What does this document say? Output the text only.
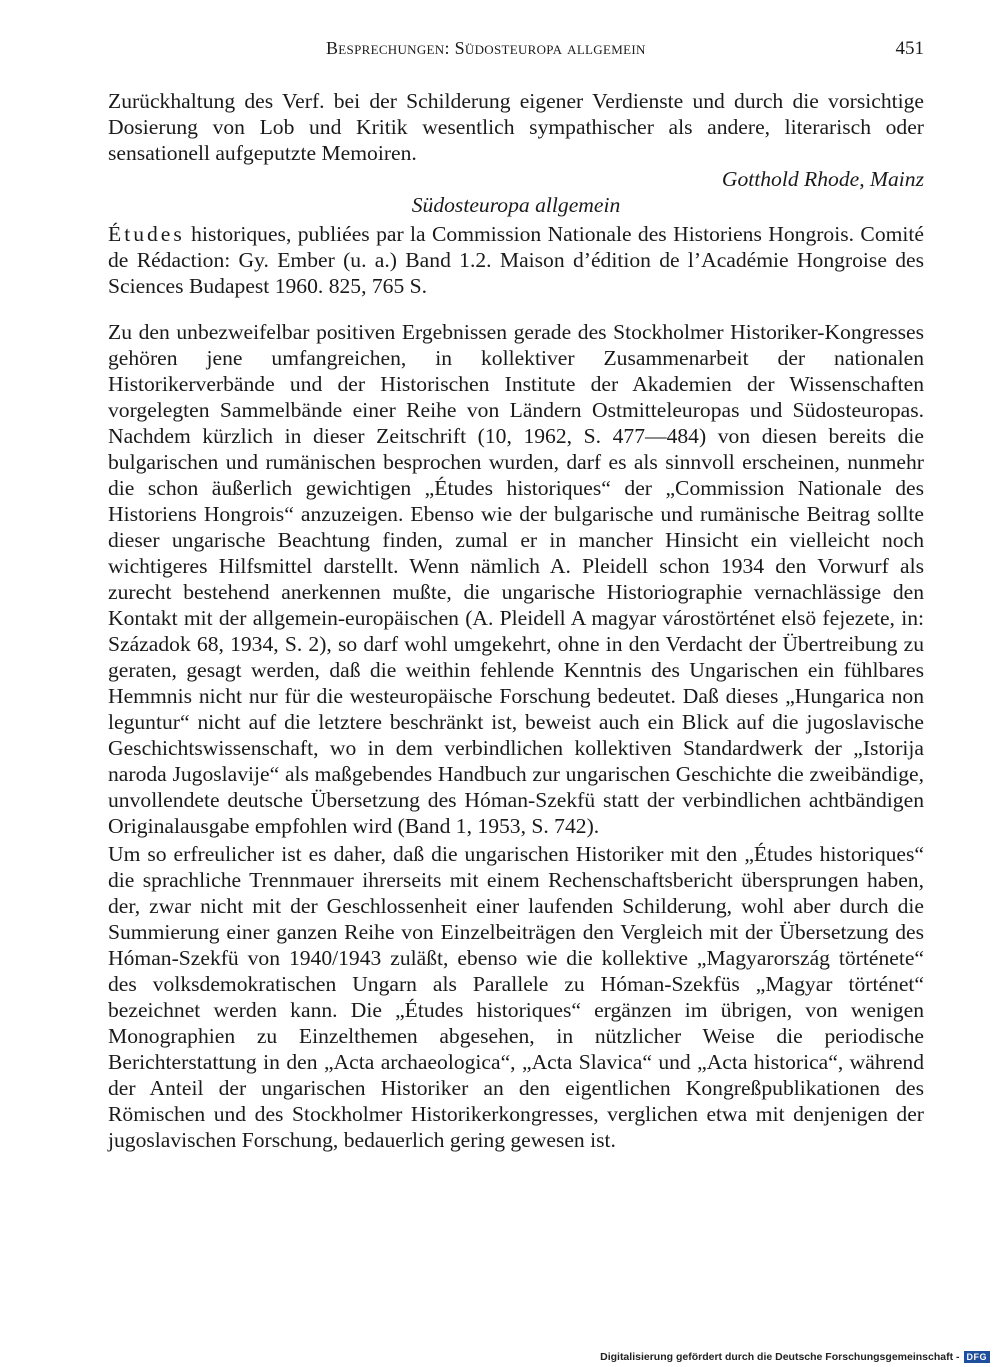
Besprechungen: Südosteuropa allgemein	451

Zurückhaltung des Verf. bei der Schilderung eigener Verdienste und durch die vorsichtige Dosierung von Lob und Kritik wesentlich sympathischer als andere, literarisch oder sensationell aufgeputzte Memoiren.

Gotthold Rhode, Mainz

Südosteuropa allgemein

Études historiques, publiées par la Commission Nationale des Historiens Hongrois. Comité de Rédaction: Gy. Ember (u. a.) Band 1.2. Maison d’édition de l’Académie Hongroise des Sciences Budapest 1960. 825, 765 S.

Zu den unbezweifelbar positiven Ergebnissen gerade des Stockholmer Historiker-Kongresses gehören jene umfangreichen, in kollektiver Zusammenarbeit der nationalen Historikerverbände und der Historischen Institute der Akademien der Wissenschaften vorgelegten Sammelbände einer Reihe von Ländern Ostmitteleuropas und Südosteuropas. Nachdem kürzlich in dieser Zeitschrift (10, 1962, S. 477—484) von diesen bereits die bulgarischen und rumänischen besprochen wurden, darf es als sinnvoll erscheinen, nunmehr die schon äußerlich gewichtigen „Études historiques“ der „Commission Nationale des Historiens Hongrois“ anzuzeigen. Ebenso wie der bulgarische und rumänische Beitrag sollte dieser ungarische Beachtung finden, zumal er in mancher Hinsicht ein vielleicht noch wichtigeres Hilfsmittel darstellt. Wenn nämlich A. Pleidell schon 1934 den Vorwurf als zurecht bestehend anerkennen mußte, die ungarische Historiographie vernachlässige den Kontakt mit der allgemein-europäischen (A. Pleidell A magyar várostörténet elsö fejezete, in: Századok 68, 1934, S. 2), so darf wohl umgekehrt, ohne in den Verdacht der Übertreibung zu geraten, gesagt werden, daß die weithin fehlende Kenntnis des Ungarischen ein fühlbares Hemmnis nicht nur für die westeuropäische Forschung bedeutet. Daß dieses „Hungarica non leguntur“ nicht auf die letztere beschränkt ist, beweist auch ein Blick auf die jugoslavische Geschichtswissenschaft, wo in dem verbindlichen kollektiven Standardwerk der „Istorija naroda Jugoslavije“ als maßgebendes Handbuch zur ungarischen Geschichte die zweibändige, unvollendete deutsche Übersetzung des Hóman-Szekfü statt der verbindlichen achtbändigen Originalausgabe empfohlen wird (Band 1, 1953, S. 742).

Um so erfreulicher ist es daher, daß die ungarischen Historiker mit den „Études historiques“ die sprachliche Trennmauer ihrerseits mit einem Rechenschaftsbericht übersprungen haben, der, zwar nicht mit der Geschlossenheit einer laufenden Schilderung, wohl aber durch die Summierung einer ganzen Reihe von Einzelbeiträgen den Vergleich mit der Übersetzung des Hóman-Szekfü von 1940/1943 zuläßt, ebenso wie die kollektive „Magyarország története“ des volksdemokratischen Ungarn als Parallele zu Hóman-Szekfüs „Magyar történet“ bezeichnet werden kann. Die „Études historiques“ ergänzen im übrigen, von wenigen Monographien zu Einzelthemen abgesehen, in nützlicher Weise die periodische Berichterstattung in den „Acta archaeologica“, „Acta Slavica“ und „Acta historica“, während der Anteil der ungarischen Historiker an den eigentlichen Kongreßpublikationen des Römischen und des Stockholmer Historikerkongresses, verglichen etwa mit denjenigen der jugoslavischen Forschung, bedauerlich gering gewesen ist.

Digitalisierung gefördert durch die Deutsche Forschungsgemeinschaft - DFG
